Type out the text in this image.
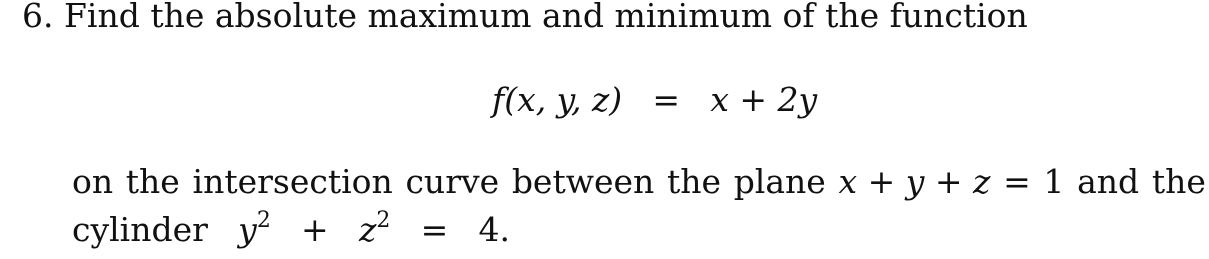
6. Find the absolute maximum and minimum of the function
f(x, y, z) = x + 2y
on the intersection curve between the plane x + y + z = 1 and the
cylinder $y^2 + z^2 = 4$.
